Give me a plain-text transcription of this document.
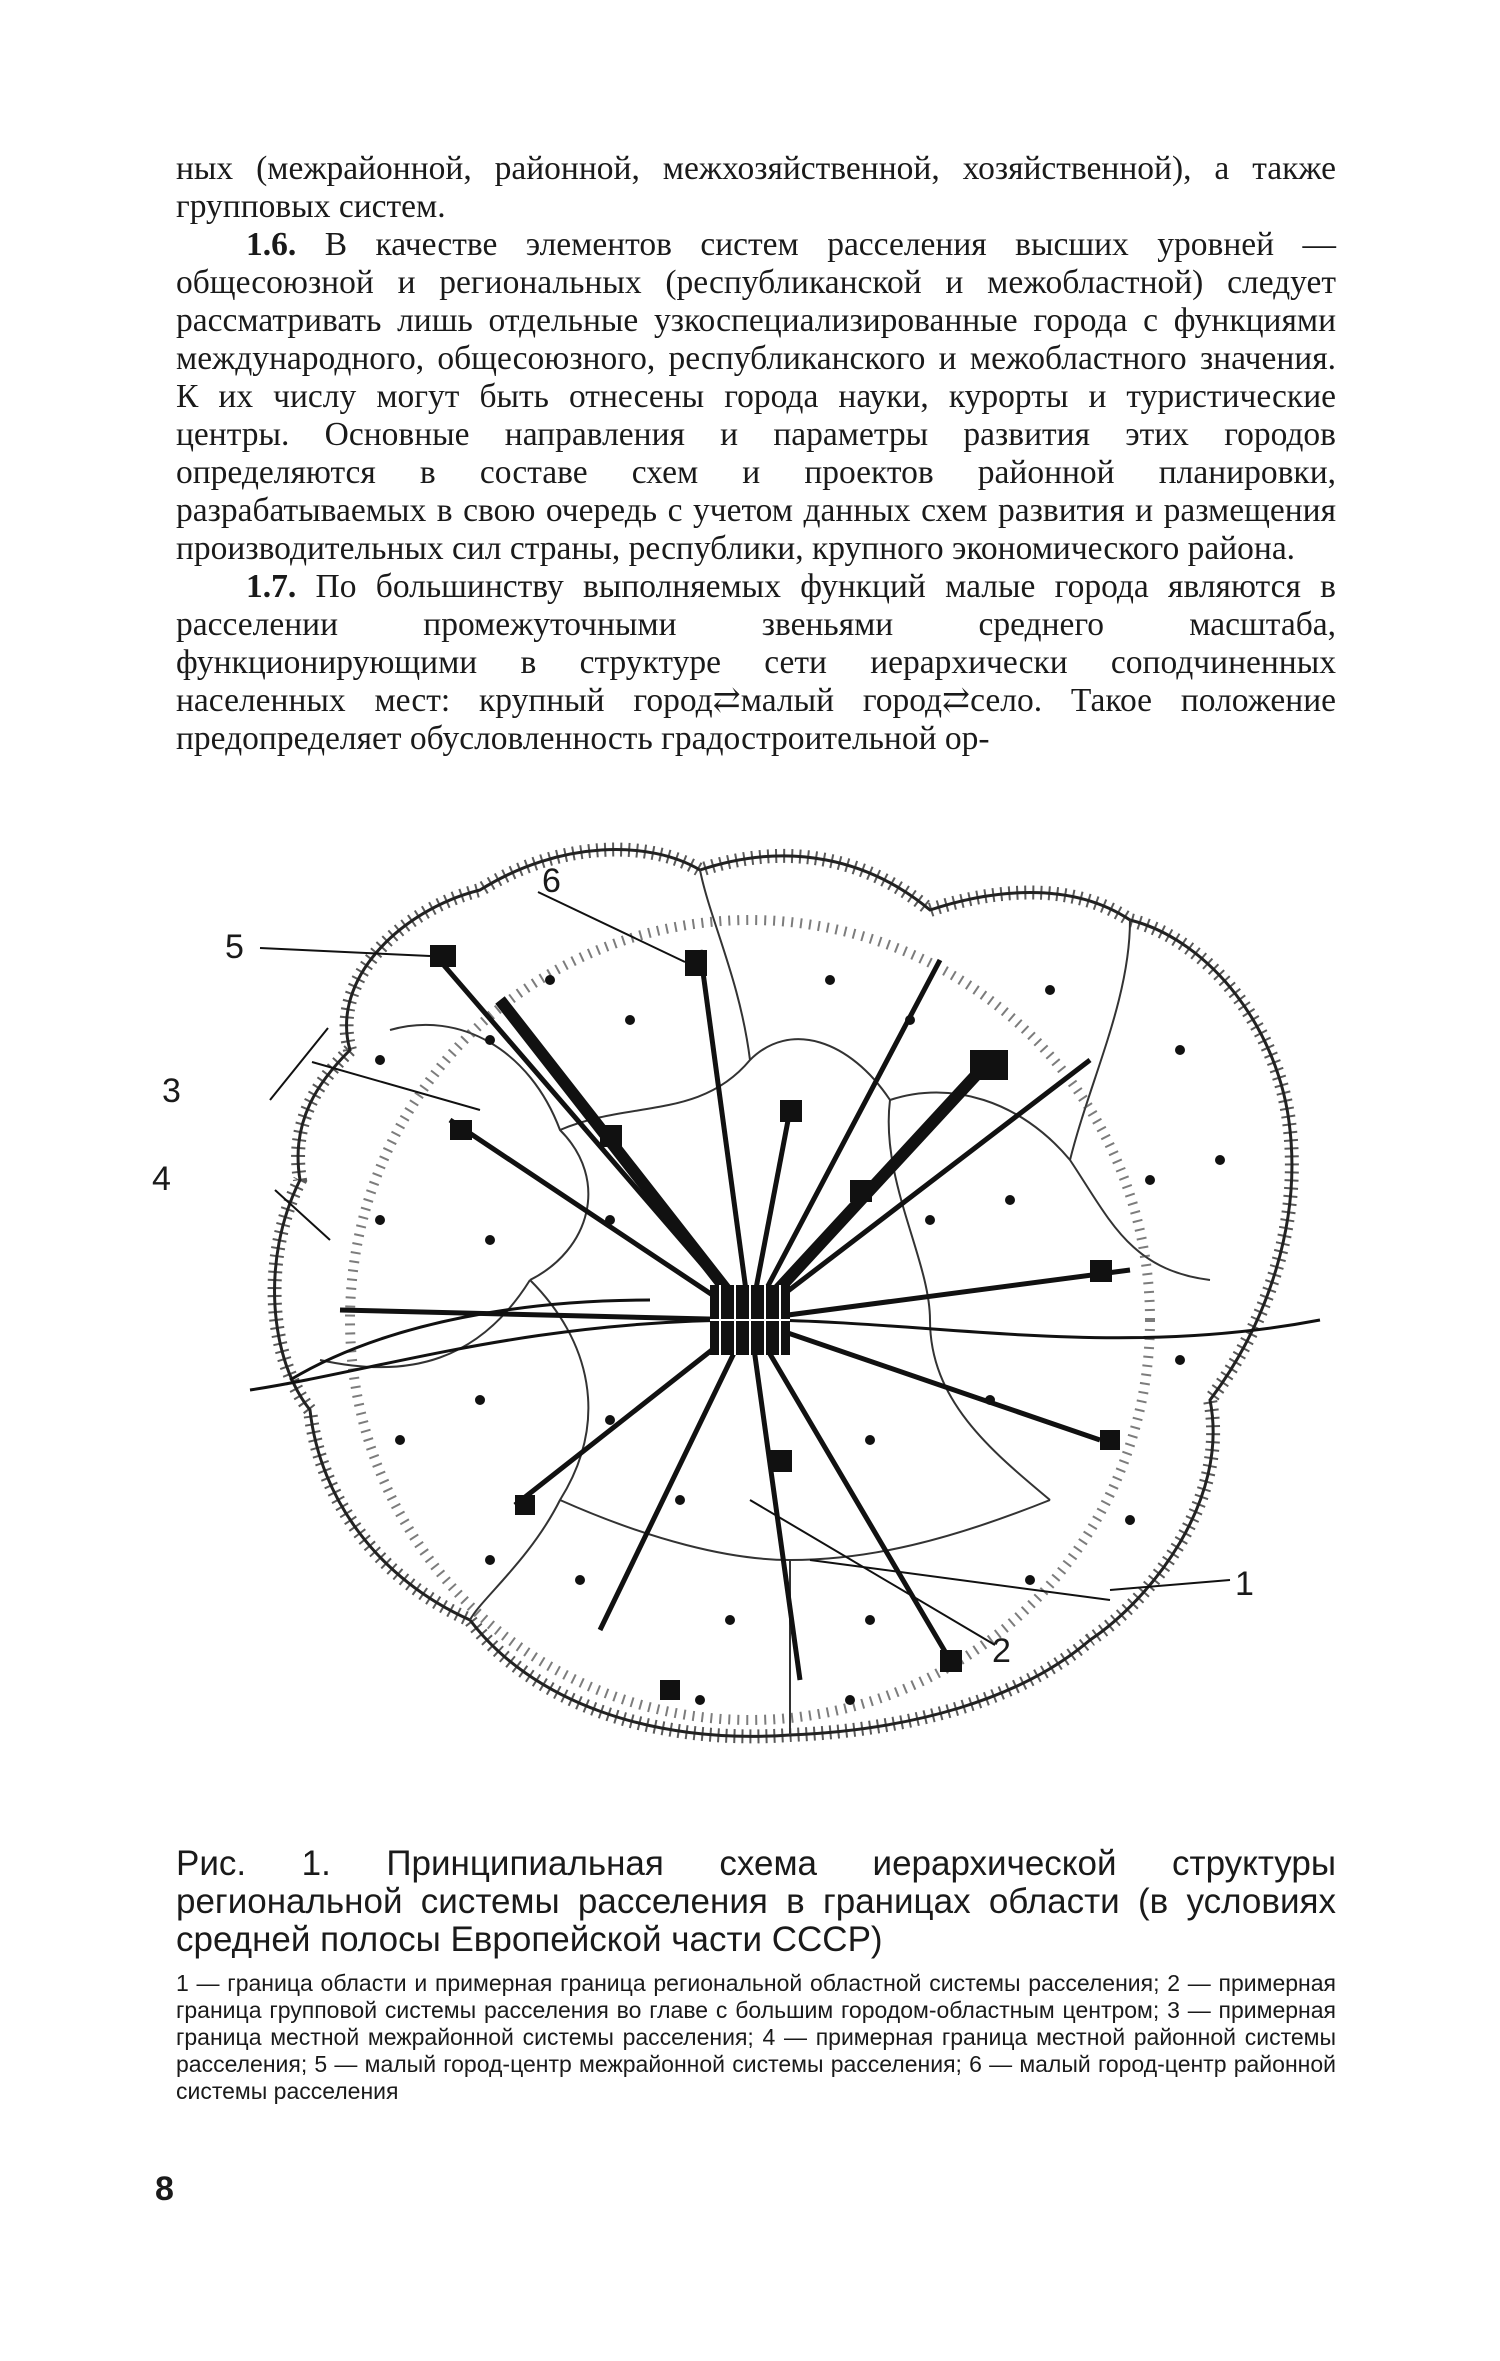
ных (межрайонной, районной, межхозяйственной, хозяйственной), а также групповых систем.

1.6. В качестве элементов систем расселения высших уровней — общесоюзной и региональных (республиканской и межобластной) следует рассматривать лишь отдельные узкоспециализированные города с функциями международного, общесоюзного, республиканского и межобластного значения. К их числу могут быть отнесены города науки, курорты и туристические центры. Основные направления и параметры развития этих городов определяются в составе схем и проектов районной планировки, разрабатываемых в свою очередь с учетом данных схем развития и размещения производительных сил страны, республики, крупного экономического района.

1.7. По большинству выполняемых функций малые города являются в расселении промежуточными звеньями среднего масштаба, функционирующими в структуре сети иерархически соподчиненных населенных мест: крупный город⇄малый город⇄село. Такое положение предопределяет обусловленность градостроительной ор-

5
6
3
4
1
2
Рис. 1. Принципиальная схема иерархической структуры региональной системы расселения в границах области (в условиях средней полосы Европейской части СССР)
1 — граница области и примерная граница региональной областной системы расселения; 2 — примерная граница групповой системы расселения во главе с большим городом-областным центром; 3 — примерная граница местной межрайонной системы расселения; 4 — примерная граница местной районной системы расселения; 5 — малый город-центр межрайонной системы расселения; 6 — малый город-центр районной системы расселения
8
